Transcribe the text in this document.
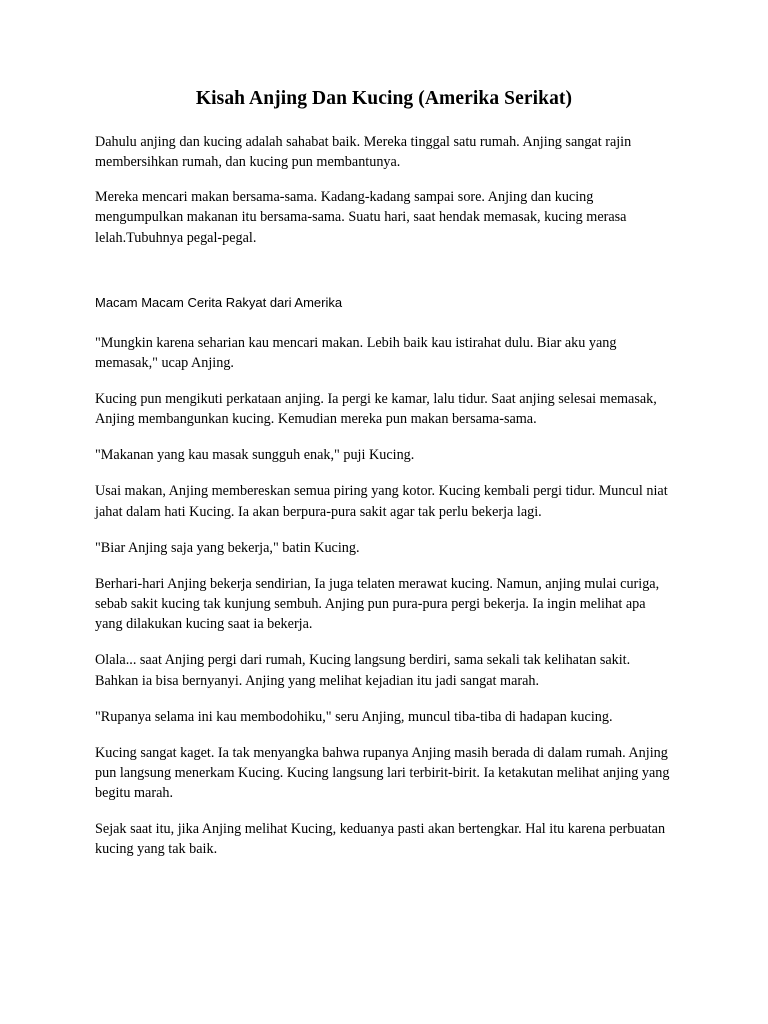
Kisah Anjing Dan Kucing (Amerika Serikat)

Dahulu anjing dan kucing adalah sahabat baik. Mereka tinggal satu rumah. Anjing sangat rajin membersihkan rumah, dan kucing pun membantunya.

Mereka mencari makan bersama-sama. Kadang-kadang sampai sore. Anjing dan kucing mengumpulkan makanan itu bersama-sama. Suatu hari, saat hendak memasak, kucing merasa lelah.Tubuhnya pegal-pegal.

Macam Macam Cerita Rakyat dari Amerika

"Mungkin karena seharian kau mencari makan. Lebih baik kau istirahat dulu. Biar aku yang memasak," ucap Anjing.

Kucing pun mengikuti perkataan anjing. Ia pergi ke kamar, lalu tidur. Saat anjing selesai memasak, Anjing membangunkan kucing. Kemudian mereka pun makan bersama-sama.

"Makanan yang kau masak sungguh enak," puji Kucing.

Usai makan, Anjing membereskan semua piring yang kotor. Kucing kembali pergi tidur. Muncul niat jahat dalam hati Kucing. Ia akan berpura-pura sakit agar tak perlu bekerja lagi.

"Biar Anjing saja yang bekerja," batin Kucing.

Berhari-hari Anjing bekerja sendirian, Ia juga telaten merawat kucing. Namun, anjing mulai curiga, sebab sakit kucing tak kunjung sembuh. Anjing pun pura-pura pergi bekerja. Ia ingin melihat apa yang dilakukan kucing saat ia bekerja.

Olala... saat Anjing pergi dari rumah, Kucing langsung berdiri, sama sekali tak kelihatan sakit. Bahkan ia bisa bernyanyi. Anjing yang melihat kejadian itu jadi sangat marah.

"Rupanya selama ini kau membodohiku," seru Anjing, muncul tiba-tiba di hadapan kucing.

Kucing sangat kaget. Ia tak menyangka bahwa rupanya Anjing masih berada di dalam rumah. Anjing pun langsung menerkam Kucing. Kucing langsung lari terbirit-birit. Ia ketakutan melihat anjing yang begitu marah.

Sejak saat itu, jika Anjing melihat Kucing, keduanya pasti akan bertengkar. Hal itu karena perbuatan kucing yang tak baik.
